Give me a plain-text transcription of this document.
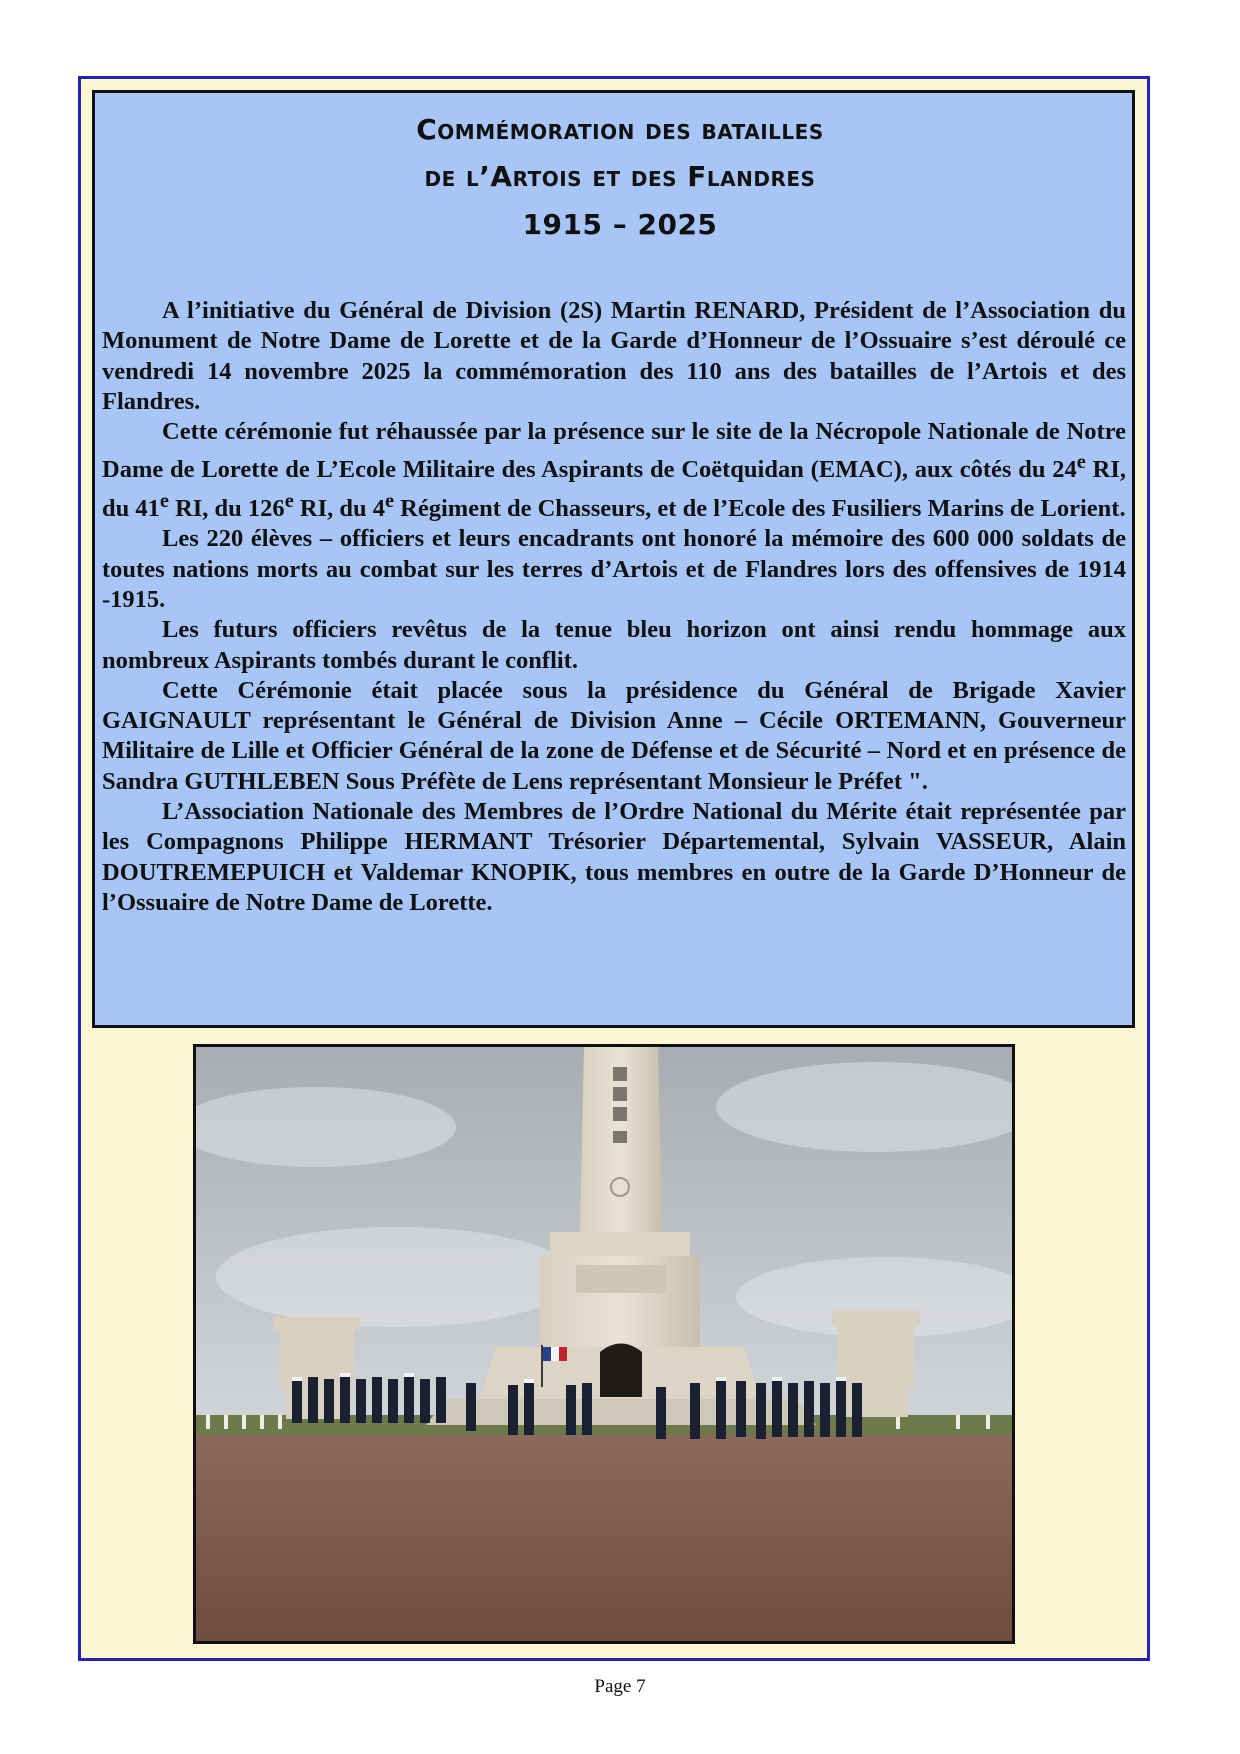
Commémoration des batailles
de l’Artois et des Flandres
1915 – 2025

A l’initiative du Général de Division (2S) Martin RENARD, Président de l’Association du Monument de Notre Dame de Lorette et de la Garde d’Honneur de l’Ossuaire s’est déroulé ce vendredi 14 novembre 2025 la commémoration des 110 ans des batailles de l’Artois et des Flandres.

Cette cérémonie fut réhaussée par la présence sur le site de la Nécropole Nationale de Notre Dame de Lorette de L’Ecole Militaire des Aspirants de Coëtquidan (EMAC), aux côtés du 24e RI, du 41e RI, du 126e RI, du 4e Régiment de Chasseurs, et de l’Ecole des Fusiliers Marins de Lorient.

Les 220 élèves – officiers et leurs encadrants ont honoré la mémoire des 600 000 soldats de toutes nations morts au combat sur les terres d’Artois et de Flandres lors des offensives de 1914 -1915.

Les futurs officiers revêtus de la tenue bleu horizon ont ainsi rendu hommage aux nombreux Aspirants tombés durant le conflit.

Cette Cérémonie était placée sous la présidence du Général de Brigade Xavier GAIGNAULT représentant le Général de Division Anne – Cécile ORTEMANN, Gouverneur Militaire de Lille et Officier Général de la zone de Défense et de Sécurité – Nord et en présence de Sandra GUTHLEBEN Sous Préfète de Lens représentant Monsieur le Préfet ".

L’Association Nationale des Membres de l’Ordre National du Mérite était représentée par les Compagnons Philippe HERMANT Trésorier Départemental, Sylvain VASSEUR, Alain DOUTREMEPUICH et Valdemar KNOPIK, tous membres en outre de la Garde D’Honneur de l’Ossuaire de Notre Dame de Lorette.

Page 7
